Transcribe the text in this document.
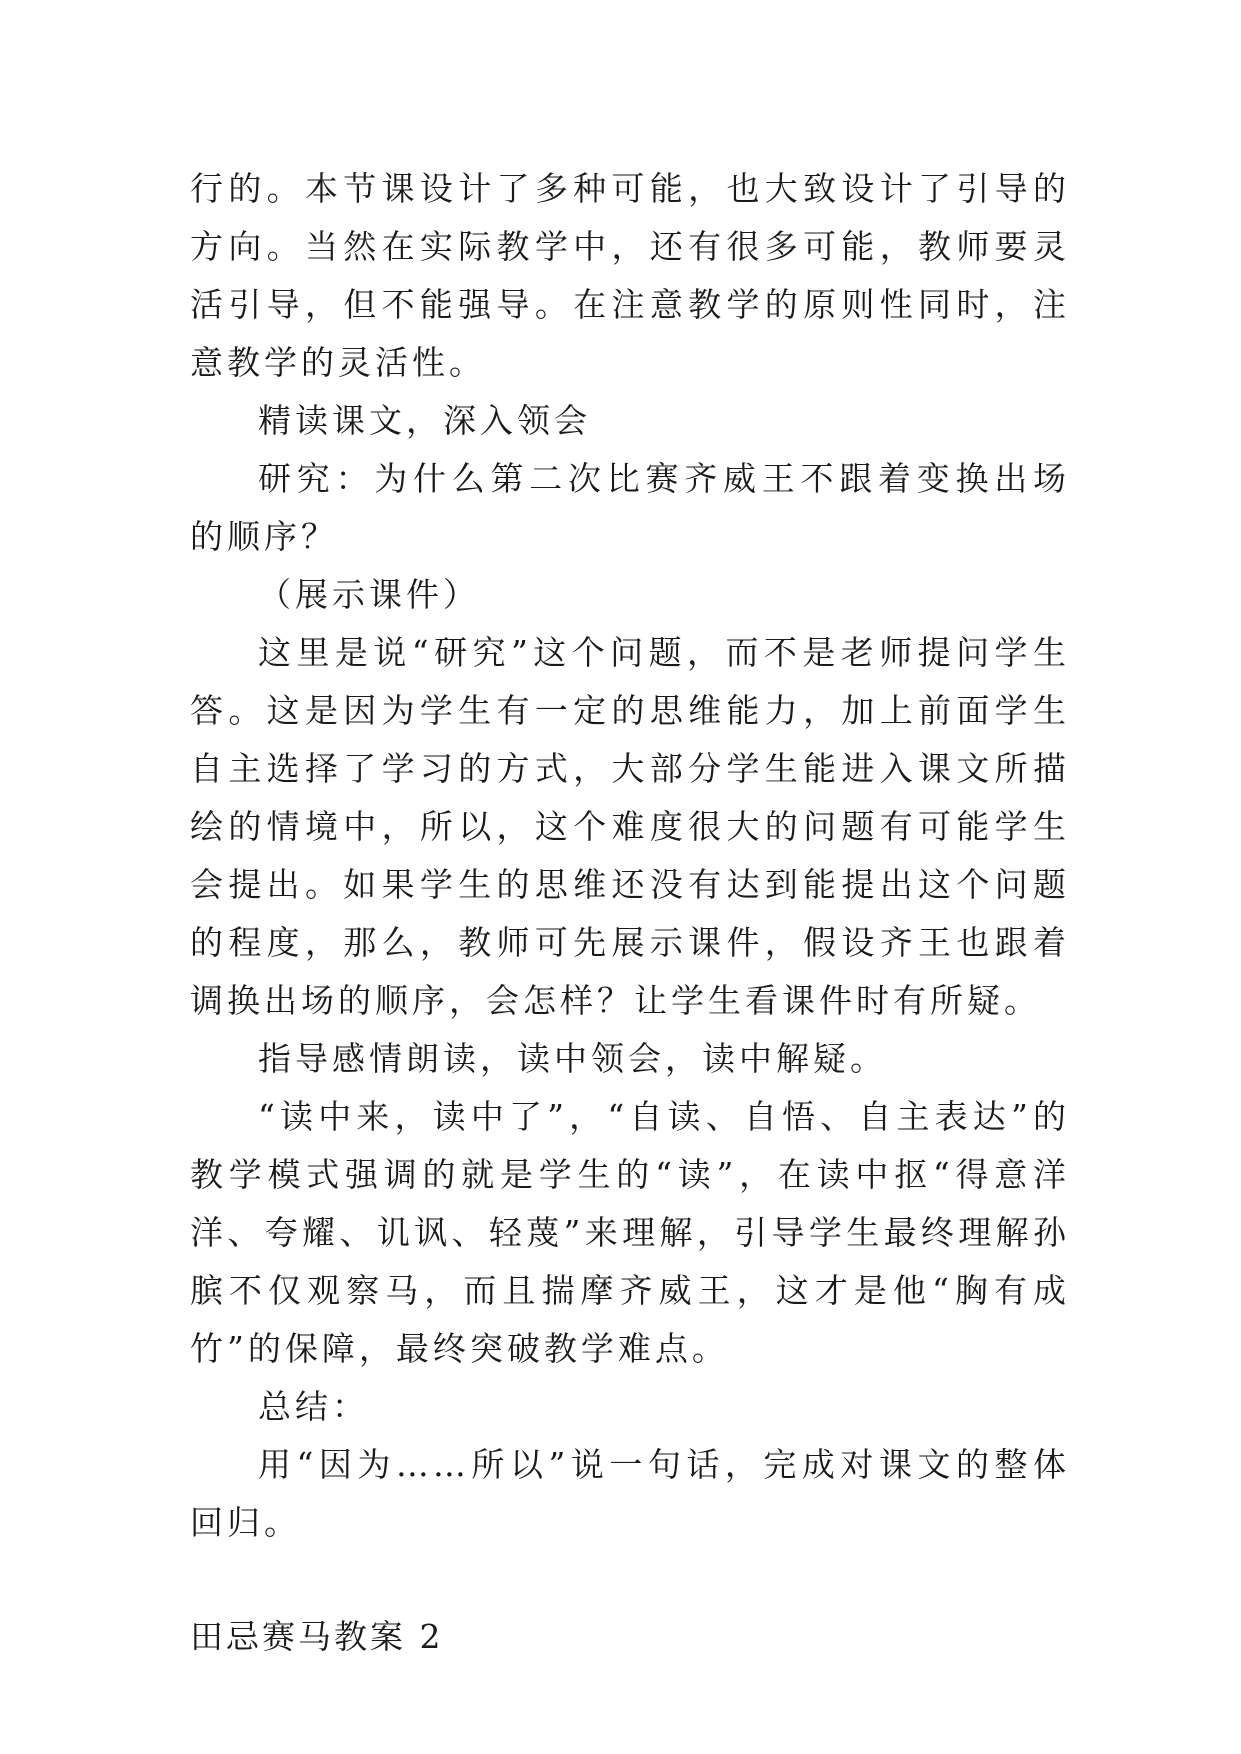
行的。本节课设计了多种可能，也大致设计了引导的方向。当然在实际教学中，还有很多可能，教师要灵活引导，但不能强导。在注意教学的原则性同时，注意教学的灵活性。

精读课文，深入领会

研究：为什么第二次比赛齐威王不跟着变换出场的顺序？

（展示课件）

这里是说“研究”这个问题，而不是老师提问学生答。这是因为学生有一定的思维能力，加上前面学生自主选择了学习的方式，大部分学生能进入课文所描绘的情境中，所以，这个难度很大的问题有可能学生会提出。如果学生的思维还没有达到能提出这个问题的程度，那么，教师可先展示课件，假设齐王也跟着调换出场的顺序，会怎样？让学生看课件时有所疑。

指导感情朗读，读中领会，读中解疑。

“读中来，读中了”，“自读、自悟、自主表达”的教学模式强调的就是学生的“读”，在读中抠“得意洋洋、夸耀、讥讽、轻蔑”来理解，引导学生最终理解孙膑不仅观察马，而且揣摩齐威王，这才是他“胸有成竹”的保障，最终突破教学难点。

总结：

用“因为……所以”说一句话，完成对课文的整体回归。

田忌赛马教案 2
